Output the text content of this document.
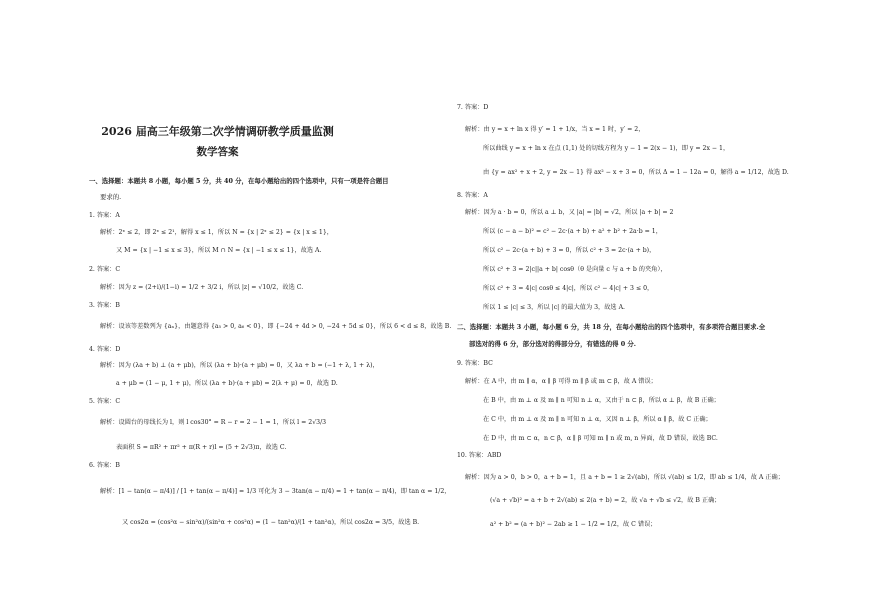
2026 届高三年级第二次学情调研教学质量监测
数学答案
一、选择题：本题共 8 小题，每小题 5 分，共 40 分，在每小题给出的四个选项中，只有一项是符合题目
要求的.
1. 答案：A
解析：2ˣ ≤ 2，即 2ˣ ≤ 2¹，解得 x ≤ 1，所以 N = {x | 2ˣ ≤ 2} = {x | x ≤ 1}，
又 M = {x | −1 ≤ x ≤ 3}，所以 M ∩ N = {x | −1 ≤ x ≤ 1}，故选 A.
2. 答案：C
解析：因为 z = (2+i)/(1−i) = 1/2 + 3/2 i，所以 |z| = √10/2，故选 C.
3. 答案：B
解析：设该等差数列为 {aₙ}，由题意得 {a₅ > 0, a₆ < 0}，即 {−24 + 4d > 0, −24 + 5d ≤ 0}，所以 6 < d ≤ 8，故选 B.
4. 答案：D
解析：因为 (λa + b) ⊥ (a + μb)，所以 (λa + b)·(a + μb) = 0，又 λa + b = (−1 + λ, 1 + λ)，
a + μb = (1 − μ, 1 + μ)，所以 (λa + b)·(a + μb) = 2(λ + μ) = 0，故选 D.
5. 答案：C
解析：设圆台的母线长为 l，则 l cos30° = R − r = 2 − 1 = 1，所以 l = 2√3/3
表面积 S = πR² + πr² + π(R + r)l = (5 + 2√3)π，故选 C.
6. 答案：B
解析：[1 − tan(α − π/4)] / [1 + tan(α − π/4)] = 1/3 可化为 3 − 3tan(α − π/4) = 1 + tan(α − π/4)，即 tan α = 1/2，
又 cos2α = (cos²α − sin²α)/(sin²α + cos²α) = (1 − tan²α)/(1 + tan²α)，所以 cos2α = 3/5，故选 B.
7. 答案：D
解析：由 y = x + ln x 得 y′ = 1 + 1/x，当 x = 1 时，y′ = 2，
所以曲线 y = x + ln x 在点 (1,1) 处的切线方程为 y − 1 = 2(x − 1)，即 y = 2x − 1，
由 {y = ax² + x + 2, y = 2x − 1} 得 ax² − x + 3 = 0，所以 Δ = 1 − 12a = 0，解得 a = 1/12，故选 D.
8. 答案：A
解析：因为 a · b = 0，所以 a ⊥ b，又 |a| = |b| = √2，所以 |a + b| = 2
所以 (c − a − b)² = c² − 2c·(a + b) + a² + b² + 2a·b = 1，
所以 c² − 2c·(a + b) + 3 = 0，所以 c² + 3 = 2c·(a + b)，
所以 c² + 3 = 2|c||a + b| cosθ（θ 是向量 c 与 a + b 的夹角），
所以 c² + 3 = 4|c| cosθ ≤ 4|c|，所以 c² − 4|c| + 3 ≤ 0，
所以 1 ≤ |c| ≤ 3，所以 |c| 的最大值为 3，故选 A.
二、选择题：本题共 3 小题，每小题 6 分，共 18 分，在每小题给出的四个选项中，有多项符合题目要求.全
部选对的得 6 分，部分选对的得部分分，有错选的得 0 分.
9. 答案：BC
解析：在 A 中，由 m ∥ α，α ∥ β 可得 m ∥ β 或 m ⊂ β，故 A 错误；
在 B 中，由 m ⊥ α 及 m ∥ n 可知 n ⊥ α，又由于 n ⊂ β，所以 α ⊥ β，故 B 正确；
在 C 中，由 m ⊥ α 及 m ∥ n 可知 n ⊥ α，又因 n ⊥ β，所以 α ∥ β，故 C 正确；
在 D 中，由 m ⊂ α，n ⊂ β，α ∥ β 可知 m ∥ n 或 m, n 异面，故 D 错误，故选 BC.
10. 答案：ABD
解析：因为 a > 0，b > 0，a + b = 1，且 a + b = 1 ≥ 2√(ab)，所以 √(ab) ≤ 1/2，即 ab ≤ 1/4，故 A 正确；
(√a + √b)² = a + b + 2√(ab) ≤ 2(a + b) = 2，故 √a + √b ≤ √2，故 B 正确；
a² + b² = (a + b)² − 2ab ≥ 1 − 1/2 = 1/2，故 C 错误；
